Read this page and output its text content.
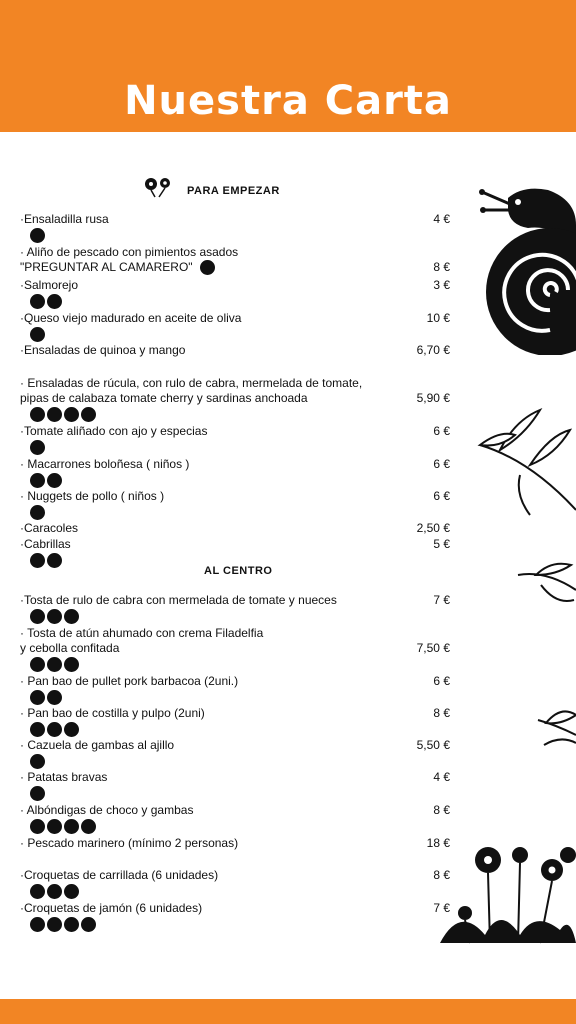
Nuestra Carta
PARA EMPEZAR
AL CENTRO
·Ensaladilla rusa	4 €
· Aliño de pescado con pimientos asados
"PREGUNTAR AL CAMARERO"	8 €
·Salmorejo	3 €
·Queso viejo madurado en aceite de oliva	10 €
·Ensaladas de quinoa y mango	6,70 €
· Ensaladas de rúcula, con rulo de cabra, mermelada de tomate,
pipas de calabaza tomate cherry y sardinas anchoada	5,90 €
·Tomate aliñado con ajo y especias	6 €
· Macarrones boloñesa ( niños )	6 €
· Nuggets de pollo ( niños )	6 €
·Caracoles	2,50 €
·Cabrillas	5 €
·Tosta de rulo de cabra con mermelada de tomate y nueces	7 €
· Tosta de atún ahumado con crema Filadelfia
y cebolla confitada	7,50 €
· Pan bao de pullet pork barbacoa (2uni.)	6 €
· Pan bao de costilla y pulpo (2uni)	8 €
· Cazuela de gambas al ajillo	5,50 €
· Patatas bravas	4 €
· Albóndigas de choco y gambas	8 €
· Pescado marinero (mínimo 2 personas)	18 €
·Croquetas de carrillada (6 unidades)	8 €
·Croquetas de jamón (6 unidades)	7 €
